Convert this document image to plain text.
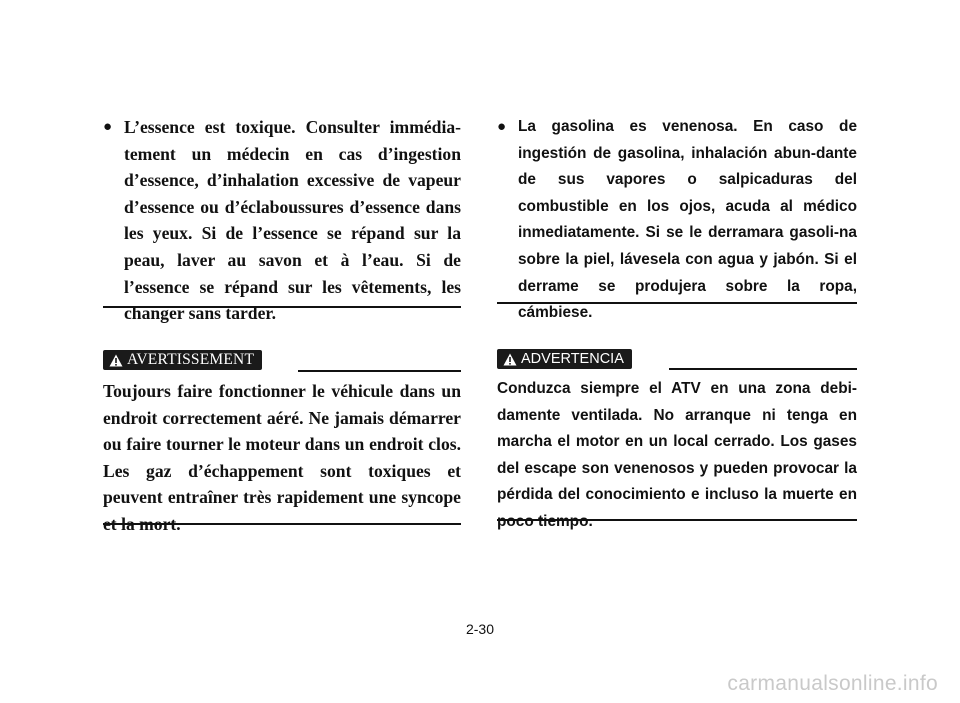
● L’essence est toxique. Consulter immédia-tement un médecin en cas d’ingestion d’essence, d’inhalation excessive de vapeur d’essence ou d’éclaboussures d’essence dans les yeux. Si de l’essence se répand sur la peau, laver au savon et à l’eau. Si de l’essence se répand sur les vêtements, les changer sans tarder.
AVERTISSEMENT
Toujours faire fonctionner le véhicule dans un endroit correctement aéré. Ne jamais démarrer ou faire tourner le moteur dans un endroit clos. Les gaz d’échappement sont toxiques et peuvent entraîner très rapidement une syncope et la mort.
● La gasolina es venenosa. En caso de ingestión de gasolina, inhalación abun-dante de sus vapores o salpicaduras del combustible en los ojos, acuda al médico inmediatamente. Si se le derramara gasoli-na sobre la piel, lávesela con agua y jabón. Si el derrame se produjera sobre la ropa, cámbiese.
ADVERTENCIA
Conduzca siempre el ATV en una zona debi-damente ventilada. No arranque ni tenga en marcha el motor en un local cerrado. Los gases del escape son venenosos y pueden provocar la pérdida del conocimiento e incluso la muerte en poco tiempo.
2-30
carmanualsonline.info
